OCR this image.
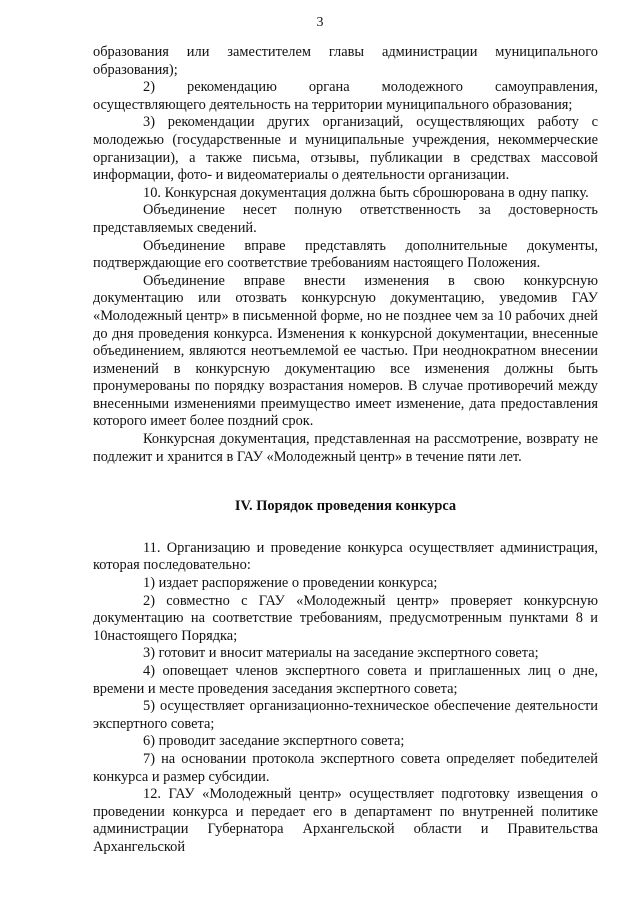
3

образования или заместителем главы администрации муниципального образования);

2) рекомендацию органа молодежного самоуправления, осуществляющего деятельность на территории муниципального образования;

3) рекомендации других организаций, осуществляющих работу с молодежью (государственные и муниципальные учреждения, некоммерческие организации), а также письма, отзывы, публикации в средствах массовой информации, фото- и видеоматериалы о деятельности организации.

10. Конкурсная документация должна быть сброшюрована в одну папку.

Объединение несет полную ответственность за достоверность представляемых сведений.

Объединение вправе представлять дополнительные документы, подтверждающие его соответствие требованиям настоящего Положения.

Объединение вправе внести изменения в свою конкурсную документацию или отозвать конкурсную документацию, уведомив ГАУ «Молодежный центр» в письменной форме, но не позднее чем за 10 рабочих дней до дня проведения конкурса. Изменения к конкурсной документации, внесенные объединением, являются неотъемлемой ее частью. При неоднократном внесении изменений в конкурсную документацию все изменения должны быть пронумерованы по порядку возрастания номеров. В случае противоречий между внесенными изменениями преимущество имеет изменение, дата предоставления которого имеет более поздний срок.

Конкурсная документация, представленная на рассмотрение, возврату не подлежит и хранится в ГАУ «Молодежный центр» в течение пяти лет.

IV. Порядок проведения конкурса

11. Организацию и проведение конкурса осуществляет администрация, которая последовательно:

1) издает распоряжение о проведении конкурса;

2) совместно с ГАУ «Молодежный центр» проверяет конкурсную документацию на соответствие требованиям, предусмотренным пунктами 8 и 10настоящего Порядка;

3) готовит и вносит материалы на заседание экспертного совета;

4) оповещает членов экспертного совета и приглашенных лиц о дне, времени и месте проведения заседания экспертного совета;

5) осуществляет организационно-техническое обеспечение деятельности экспертного совета;

6) проводит заседание экспертного совета;

7) на основании протокола экспертного совета определяет победителей конкурса и размер субсидии.

12. ГАУ «Молодежный центр» осуществляет подготовку извещения о проведении конкурса и передает его в департамент по внутренней политике администрации Губернатора Архангельской области и Правительства Архангельской
